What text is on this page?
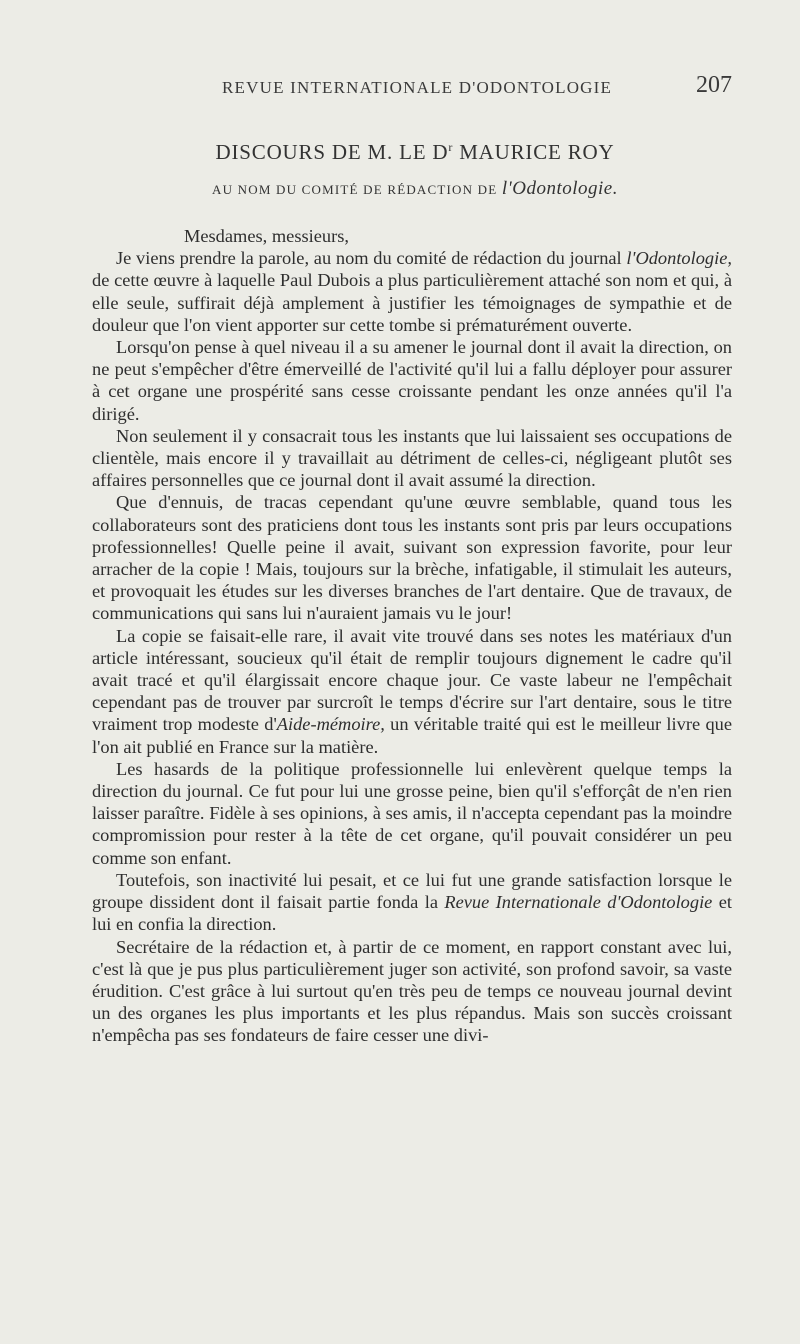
REVUE INTERNATIONALE D'ODONTOLOGIE	207
DISCOURS DE M. LE $D^r$ MAURICE ROY
AU NOM DU COMITÉ DE RÉDACTION DE l'Odontologie.

Mesdames, messieurs,

Je viens prendre la parole, au nom du comité de rédaction du journal l'Odontologie, de cette œuvre à laquelle Paul Dubois a plus particulièrement attaché son nom et qui, à elle seule, suffirait déjà amplement à justifier les témoignages de sympathie et de douleur que l'on vient apporter sur cette tombe si prématurément ouverte.

Lorsqu'on pense à quel niveau il a su amener le journal dont il avait la direction, on ne peut s'empêcher d'être émerveillé de l'activité qu'il lui a fallu déployer pour assurer à cet organe une prospérité sans cesse croissante pendant les onze années qu'il l'a dirigé.

Non seulement il y consacrait tous les instants que lui laissaient ses occupations de clientèle, mais encore il y travaillait au détriment de celles-ci, négligeant plutôt ses affaires personnelles que ce journal dont il avait assumé la direction.

Que d'ennuis, de tracas cependant qu'une œuvre semblable, quand tous les collaborateurs sont des praticiens dont tous les instants sont pris par leurs occupations professionnelles! Quelle peine il avait, suivant son expression favorite, pour leur arracher de la copie ! Mais, toujours sur la brèche, infatigable, il stimulait les auteurs, et provoquait les études sur les diverses branches de l'art dentaire. Que de travaux, de communications qui sans lui n'auraient jamais vu le jour!

La copie se faisait-elle rare, il avait vite trouvé dans ses notes les matériaux d'un article intéressant, soucieux qu'il était de remplir toujours dignement le cadre qu'il avait tracé et qu'il élargissait encore chaque jour. Ce vaste labeur ne l'empêchait cependant pas de trouver par surcroît le temps d'écrire sur l'art dentaire, sous le titre vraiment trop modeste d'Aide-mémoire, un véritable traité qui est le meilleur livre que l'on ait publié en France sur la matière.

Les hasards de la politique professionnelle lui enlevèrent quelque temps la direction du journal. Ce fut pour lui une grosse peine, bien qu'il s'efforçât de n'en rien laisser paraître. Fidèle à ses opinions, à ses amis, il n'accepta cependant pas la moindre compromission pour rester à la tête de cet organe, qu'il pouvait considérer un peu comme son enfant.

Toutefois, son inactivité lui pesait, et ce lui fut une grande satisfaction lorsque le groupe dissident dont il faisait partie fonda la Revue Internationale d'Odontologie et lui en confia la direction.

Secrétaire de la rédaction et, à partir de ce moment, en rapport constant avec lui, c'est là que je pus plus particulièrement juger son activité, son profond savoir, sa vaste érudition. C'est grâce à lui surtout qu'en très peu de temps ce nouveau journal devint un des organes les plus importants et les plus répandus. Mais son succès croissant n'empêcha pas ses fondateurs de faire cesser une divi-
